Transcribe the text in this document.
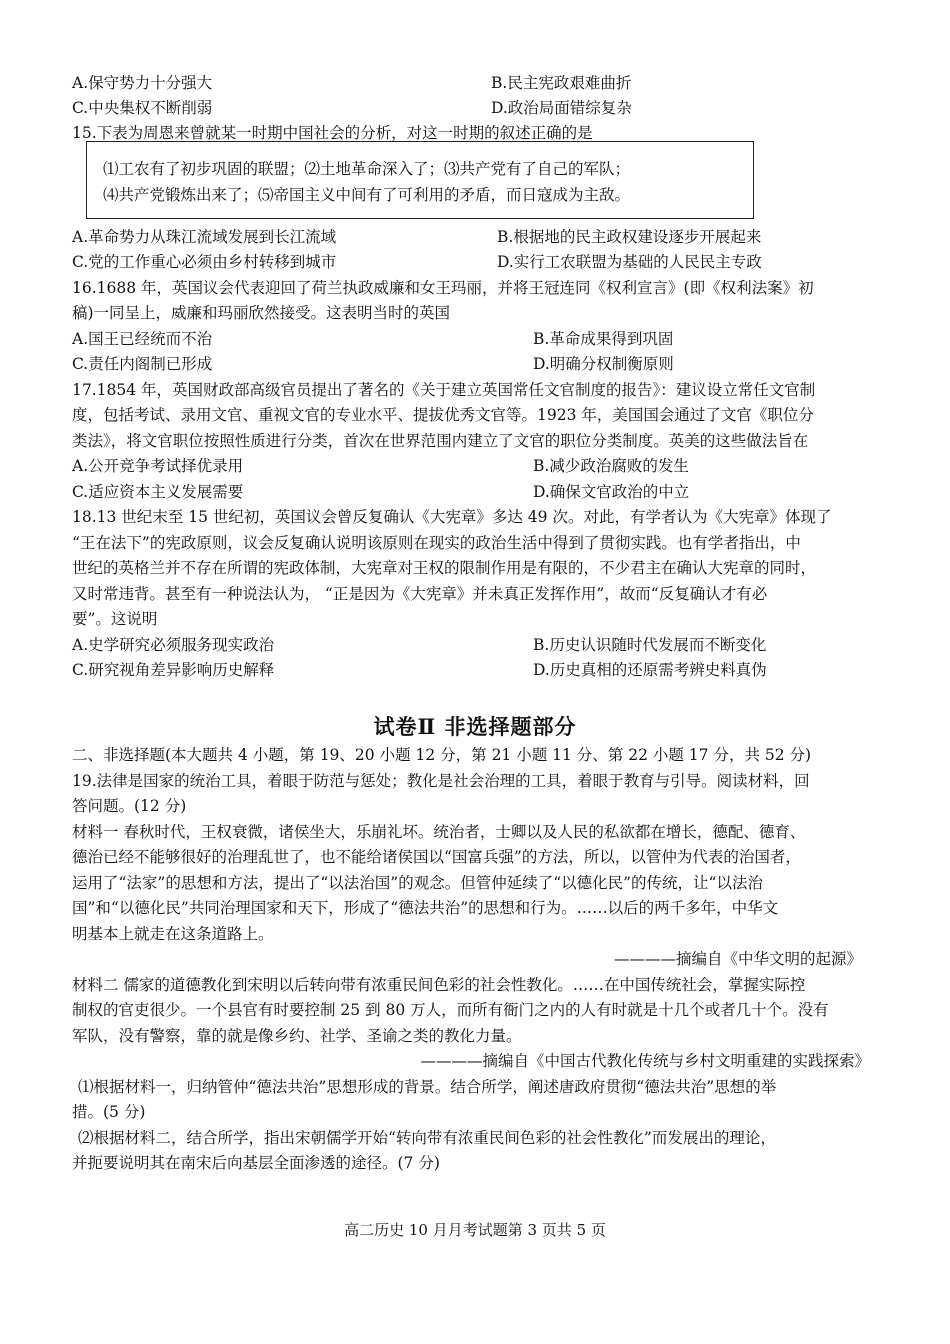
A.保守势力十分强大	B.民主宪政艰难曲折
C.中央集权不断削弱	D.政治局面错综复杂
15.下表为周恩来曾就某一时期中国社会的分析，对这一时期的叙述正确的是
⑴工农有了初步巩固的联盟；⑵土地革命深入了；⑶共产党有了自己的军队；
⑷共产党锻炼出来了；⑸帝国主义中间有了可利用的矛盾，而日寇成为主敌。
A.革命势力从珠江流域发展到长江流域	B.根据地的民主政权建设逐步开展起来
C.党的工作重心必须由乡村转移到城市	D.实行工农联盟为基础的人民民主专政
16.1688 年，英国议会代表迎回了荷兰执政威廉和女王玛丽，并将王冠连同《权利宣言》(即《权利法案》初
稿)一同呈上，威廉和玛丽欣然接受。这表明当时的英国
A.国王已经统而不治	B.革命成果得到巩固
C.责任内阁制已形成	D.明确分权制衡原则
17.1854 年，英国财政部高级官员提出了著名的《关于建立英国常任文官制度的报告》：建议设立常任文官制
度，包括考试、录用文官、重视文官的专业水平、提拔优秀文官等。1923 年，美国国会通过了文官《职位分
类法》，将文官职位按照性质进行分类，首次在世界范围内建立了文官的职位分类制度。英美的这些做法旨在
A.公开竞争考试择优录用	B.减少政治腐败的发生
C.适应资本主义发展需要	D.确保文官政治的中立
18.13 世纪末至 15 世纪初，英国议会曾反复确认《大宪章》多达 49 次。对此，有学者认为《大宪章》体现了
“王在法下”的宪政原则，议会反复确认说明该原则在现实的政治生活中得到了贯彻实践。也有学者指出，中
世纪的英格兰并不存在所谓的宪政体制，大宪章对王权的限制作用是有限的，不少君主在确认大宪章的同时，
又时常违背。甚至有一种说法认为， “正是因为《大宪章》并未真正发挥作用”，故而“反复确认才有必
要”。这说明
A.史学研究必须服务现实政治	B.历史认识随时代发展而不断变化
C.研究视角差异影响历史解释	D.历史真相的还原需考辨史料真伪
试卷Ⅱ 非选择题部分
二、非选择题(本大题共 4 小题，第 19、20 小题 12 分，第 21 小题 11 分、第 22 小题 17 分，共 52 分)
19.法律是国家的统治工具，着眼于防范与惩处；教化是社会治理的工具，着眼于教育与引导。阅读材料，回
答问题。(12 分)
材料一 春秋时代，王权衰微，诸侯坐大，乐崩礼坏。统治者，士卿以及人民的私欲都在增长，德配、德育、
德治已经不能够很好的治理乱世了，也不能给诸侯国以“国富兵强”的方法，所以，以管仲为代表的治国者，
运用了“法家”的思想和方法，提出了“以法治国”的观念。但管仲延续了“以德化民”的传统，让“以法治
国”和“以德化民”共同治理国家和天下，形成了“德法共治”的思想和行为。……以后的两千多年，中华文
明基本上就走在这条道路上。
————摘编自《中华文明的起源》
材料二 儒家的道德教化到宋明以后转向带有浓重民间色彩的社会性教化。……在中国传统社会，掌握实际控
制权的官吏很少。一个县官有时要控制 25 到 80 万人，而所有衙门之内的人有时就是十几个或者几十个。没有
军队，没有警察，靠的就是像乡约、社学、圣谕之类的教化力量。
————摘编自《中国古代教化传统与乡村文明重建的实践探索》
⑴根据材料一，归纳管仲“德法共治”思想形成的背景。结合所学，阐述唐政府贯彻“德法共治”思想的举
措。(5 分)
⑵根据材料二，结合所学，指出宋朝儒学开始“转向带有浓重民间色彩的社会性教化”而发展出的理论，
并扼要说明其在南宋后向基层全面渗透的途径。(7 分)
高二历史 10 月月考试题第 3 页共 5 页
